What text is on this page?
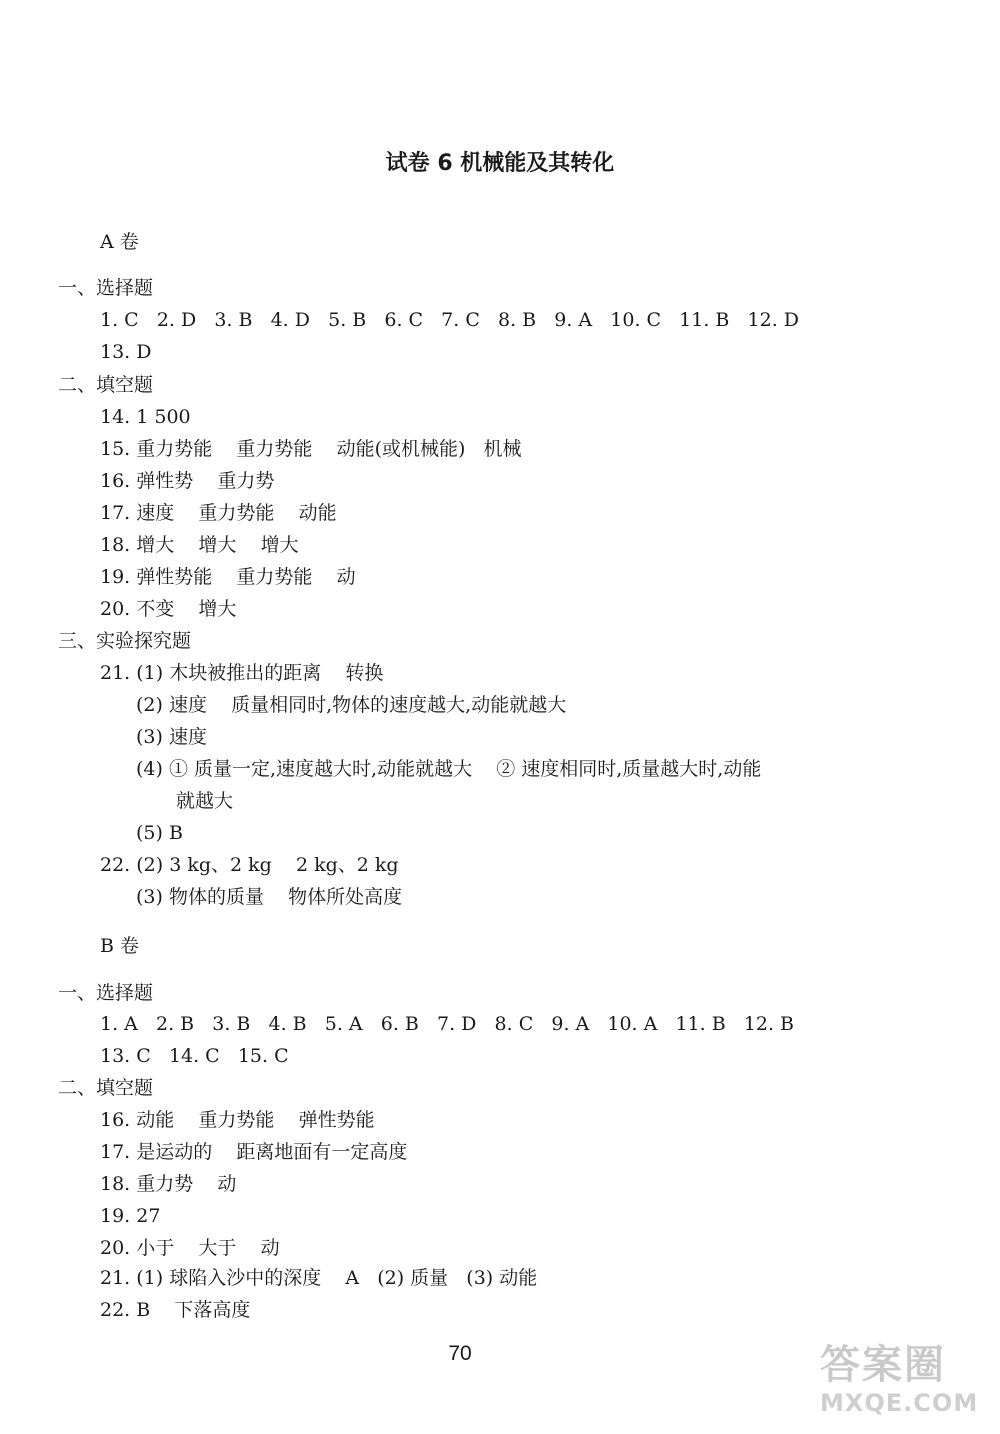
试卷 6 机械能及其转化
A 卷
一、选择题
1. C   2. D   3. B   4. D   5. B   6. C   7. C   8. B   9. A   10. C   11. B   12. D
13. D
二、填空题
14. 1 500
15. 重力势能    重力势能    动能(或机械能)   机械
16. 弹性势    重力势
17. 速度    重力势能    动能
18. 增大    增大    增大
19. 弹性势能    重力势能    动
20. 不变    增大
三、实验探究题
21. (1) 木块被推出的距离    转换
(2) 速度    质量相同时,物体的速度越大,动能就越大
(3) 速度
(4) ① 质量一定,速度越大时,动能就越大    ② 速度相同时,质量越大时,动能
就越大
(5) B
22. (2) 3 kg、2 kg    2 kg、2 kg
(3) 物体的质量    物体所处高度
B 卷
一、选择题
1. A   2. B   3. B   4. B   5. A   6. B   7. D   8. C   9. A   10. A   11. B   12. B
13. C   14. C   15. C
二、填空题
16. 动能    重力势能    弹性势能
17. 是运动的    距离地面有一定高度
18. 重力势    动
19. 27
20. 小于    大于    动
21. (1) 球陷入沙中的深度    A   (2) 质量   (3) 动能
22. B    下落高度
70	答案圈
MXQE.COM
